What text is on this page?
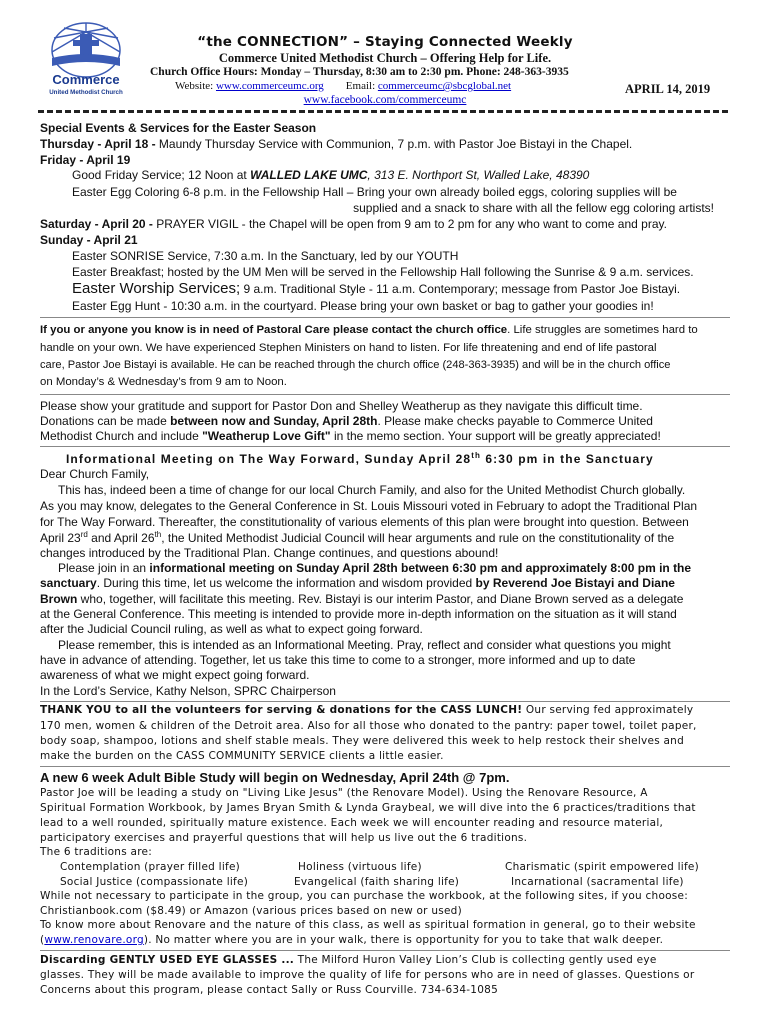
Commerce
United Methodist Church
“the CONNECTION” – Staying Connected Weekly
Commerce United Methodist Church – Offering Help for Life.
Church Office Hours: Monday – Thursday, 8:30 am to 2:30 pm. Phone: 248-363-3935
Website: www.commerceumc.org Email: commerceumc@sbcglobal.net	APRIL 14, 2019
www.facebook.com/commerceumc
Special Events & Services for the Easter Season
Thursday - April 18 - Maundy Thursday Service with Communion, 7 p.m. with Pastor Joe Bistayi in the Chapel.
Friday - April 19
Good Friday Service; 12 Noon at WALLED LAKE UMC, 313 E. Northport St, Walled Lake, 48390
Easter Egg Coloring 6-8 p.m. in the Fellowship Hall – Bring your own already boiled eggs, coloring supplies will be
supplied and a snack to share with all the fellow egg coloring artists!
Saturday - April 20 - PRAYER VIGIL - the Chapel will be open from 9 am to 2 pm for any who want to come and pray.
Sunday - April 21
Easter SONRISE Service, 7:30 a.m. In the Sanctuary, led by our YOUTH
Easter Breakfast; hosted by the UM Men will be served in the Fellowship Hall following the Sunrise & 9 a.m. services.
Easter Worship Services; 9 a.m. Traditional Style - 11 a.m. Contemporary; message from Pastor Joe Bistayi.
Easter Egg Hunt - 10:30 a.m. in the courtyard. Please bring your own basket or bag to gather your goodies in!
If you or anyone you know is in need of Pastoral Care please contact the church office. Life struggles are sometimes hard to
handle on your own. We have experienced Stephen Ministers on hand to listen. For life threatening and end of life pastoral
care, Pastor Joe Bistayi is available. He can be reached through the church office (248-363-3935) and will be in the church office
on Monday’s & Wednesday’s from 9 am to Noon.
Please show your gratitude and support for Pastor Don and Shelley Weatherup as they navigate this difficult time.
Donations can be made between now and Sunday, April 28th. Please make checks payable to Commerce United
Methodist Church and include "Weatherup Love Gift" in the memo section. Your support will be greatly appreciated!
Informational Meeting on The Way Forward, Sunday April 28th 6:30 pm in the Sanctuary
Dear Church Family,
This has, indeed been a time of change for our local Church Family, and also for the United Methodist Church globally.
As you may know, delegates to the General Conference in St. Louis Missouri voted in February to adopt the Traditional Plan
for The Way Forward. Thereafter, the constitutionality of various elements of this plan were brought into question. Between
April 23rd and April 26th, the United Methodist Judicial Council will hear arguments and rule on the constitutionality of the
changes introduced by the Traditional Plan. Change continues, and questions abound!
Please join in an informational meeting on Sunday April 28th between 6:30 pm and approximately 8:00 pm in the
sanctuary. During this time, let us welcome the information and wisdom provided by Reverend Joe Bistayi and Diane
Brown who, together, will facilitate this meeting. Rev. Bistayi is our interim Pastor, and Diane Brown served as a delegate
at the General Conference. This meeting is intended to provide more in-depth information on the situation as it will stand
after the Judicial Council ruling, as well as what to expect going forward.
Please remember, this is intended as an Informational Meeting. Pray, reflect and consider what questions you might
have in advance of attending. Together, let us take this time to come to a stronger, more informed and up to date
awareness of what we might expect going forward.
In the Lord’s Service, Kathy Nelson, SPRC Chairperson
THANK YOU to all the volunteers for serving & donations for the CASS LUNCH! Our serving fed approximately
170 men, women & children of the Detroit area. Also for all those who donated to the pantry: paper towel, toilet paper,
body soap, shampoo, lotions and shelf stable meals. They were delivered this week to help restock their shelves and
make the burden on the CASS COMMUNITY SERVICE clients a little easier.
A new 6 week Adult Bible Study will begin on Wednesday, April 24th @ 7pm.
Pastor Joe will be leading a study on "Living Like Jesus" (the Renovare Model). Using the Renovare Resource, A
Spiritual Formation Workbook, by James Bryan Smith & Lynda Graybeal, we will dive into the 6 practices/traditions that
lead to a well rounded, spiritually mature existence. Each week we will encounter reading and resource material,
participatory exercises and prayerful questions that will help us live out the 6 traditions.
The 6 traditions are:
Contemplation (prayer filled life)	Holiness (virtuous life)	Charismatic (spirit empowered life)
Social Justice (compassionate life)	Evangelical (faith sharing life)	Incarnational (sacramental life)
While not necessary to participate in the group, you can purchase the workbook, at the following sites, if you choose:
Christianbook.com ($8.49) or Amazon (various prices based on new or used)
To know more about Renovare and the nature of this class, as well as spiritual formation in general, go to their website
(www.renovare.org). No matter where you are in your walk, there is opportunity for you to take that walk deeper.
Discarding GENTLY USED EYE GLASSES ... The Milford Huron Valley Lion’s Club is collecting gently used eye
glasses. They will be made available to improve the quality of life for persons who are in need of glasses. Questions or
Concerns about this program, please contact Sally or Russ Courville. 734-634-1085
